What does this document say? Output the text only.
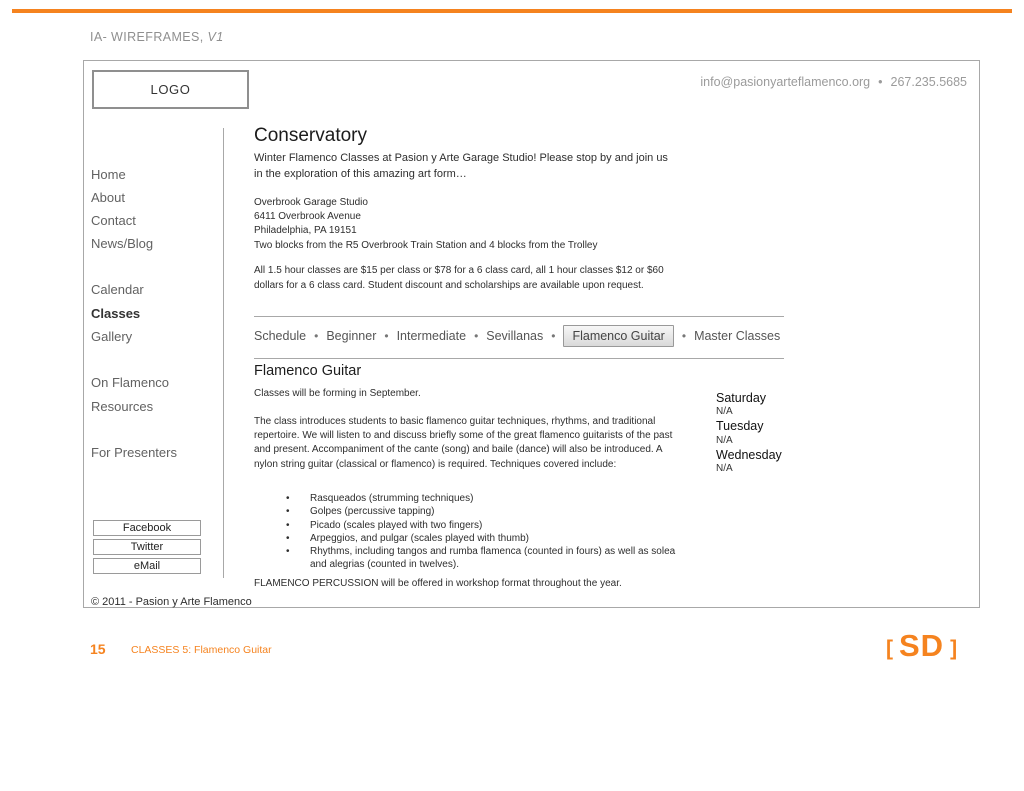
IA- WIREFRAMES, V1
LOGO	info@pasionyarteflamenco.org • 267.235.5685
Home
About
Contact
News/Blog
Calendar
Classes
Gallery
On Flamenco
Resources
For Presenters
Facebook
Twitter
eMail
© 2011 - Pasion y Arte Flamenco
Conservatory
Winter Flamenco Classes at Pasion y Arte Garage Studio! Please stop by and join us in the exploration of this amazing art form…
Overbrook Garage Studio
6411 Overbrook Avenue
Philadelphia, PA 19151
Two blocks from the R5 Overbrook Train Station and 4 blocks from the Trolley
All 1.5 hour classes are $15 per class or $78 for a 6 class card, all 1 hour classes $12 or $60 dollars for a 6 class card. Student discount and scholarships are available upon request.
Schedule • Beginner • Intermediate • Sevillanas •	Flamenco Guitar	• Master Classes
Flamenco Guitar
Classes will be forming in September.
The class introduces students to basic flamenco guitar techniques, rhythms, and traditional repertoire. We will listen to and discuss briefly some of the great flamenco guitarists of the past and present. Accompaniment of the cante (song) and baile (dance) will also be introduced. A nylon string guitar (classical or flamenco) is required. Techniques covered include:
•	Rasqueados (strumming techniques)
•	Golpes (percussive tapping)
•	Picado (scales played with two fingers)
•	Arpeggios, and pulgar (scales played with thumb)
•	Rhythms, including tangos and rumba flamenca (counted in fours) as well as solea and alegrias (counted in twelves).
FLAMENCO PERCUSSION will be offered in workshop format throughout the year.
Saturday
N/A
Tuesday
N/A
Wednesday
N/A
15 CLASSES 5: Flamenco Guitar	[ SD ]
